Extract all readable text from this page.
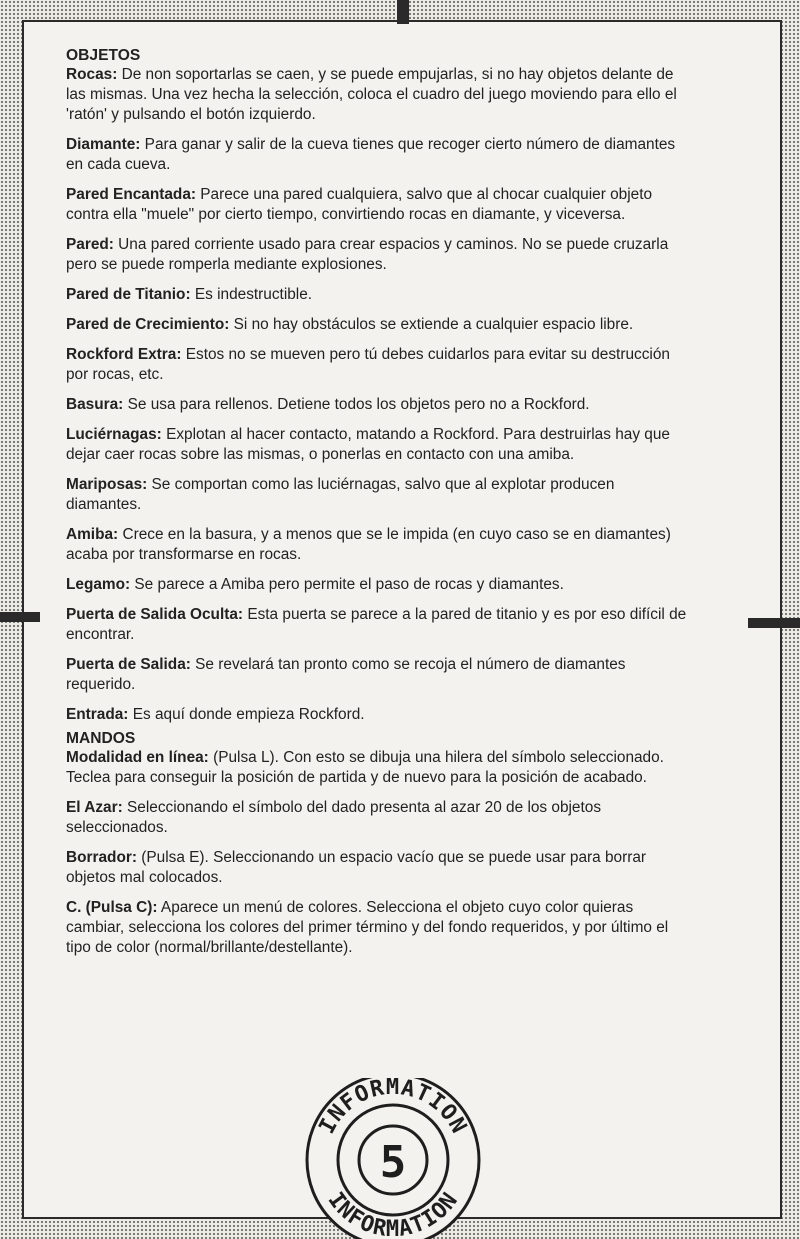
OBJETOS

Rocas: De non soportarlas se caen, y se puede empujarlas, si no hay objetos delante de las mismas. Una vez hecha la selección, coloca el cuadro del juego moviendo para ello el 'ratón' y pulsando el botón izquierdo.

Diamante: Para ganar y salir de la cueva tienes que recoger cierto número de diamantes en cada cueva.

Pared Encantada: Parece una pared cualquiera, salvo que al chocar cualquier objeto contra ella "muele" por cierto tiempo, convirtiendo rocas en diamante, y viceversa.

Pared: Una pared corriente usado para crear espacios y caminos. No se puede cruzarla pero se puede romperla mediante explosiones.

Pared de Titanio: Es indestructible.

Pared de Crecimiento: Si no hay obstáculos se extiende a cualquier espacio libre.

Rockford Extra: Estos no se mueven pero tú debes cuidarlos para evitar su destrucción por rocas, etc.

Basura: Se usa para rellenos. Detiene todos los objetos pero no a Rockford.

Luciérnagas: Explotan al hacer contacto, matando a Rockford. Para destruirlas hay que dejar caer rocas sobre las mismas, o ponerlas en contacto con una amiba.

Mariposas: Se comportan como las luciérnagas, salvo que al explotar producen diamantes.

Amiba: Crece en la basura, y a menos que se le impida (en cuyo caso se en diamantes) acaba por transformarse en rocas.

Legamo: Se parece a Amiba pero permite el paso de rocas y diamantes.

Puerta de Salida Oculta: Esta puerta se parece a la pared de titanio y es por eso difícil de encontrar.

Puerta de Salida: Se revelará tan pronto como se recoja el número de diamantes requerido.

Entrada: Es aquí donde empieza Rockford.

MANDOS

Modalidad en línea: (Pulsa L). Con esto se dibuja una hilera del símbolo seleccionado. Teclea para conseguir la posición de partida y de nuevo para la posición de acabado.

El Azar: Seleccionando el símbolo del dado presenta al azar 20 de los objetos seleccionados.

Borrador: (Pulsa E). Seleccionando un espacio vacío que se puede usar para borrar objetos mal colocados.

C. (Pulsa C): Aparece un menú de colores. Selecciona el objeto cuyo color quieras cambiar, selecciona los colores del primer término y del fondo requeridos, y por último el tipo de color (normal/brillante/destellante).

INFORMATION
INFORMATION
5
